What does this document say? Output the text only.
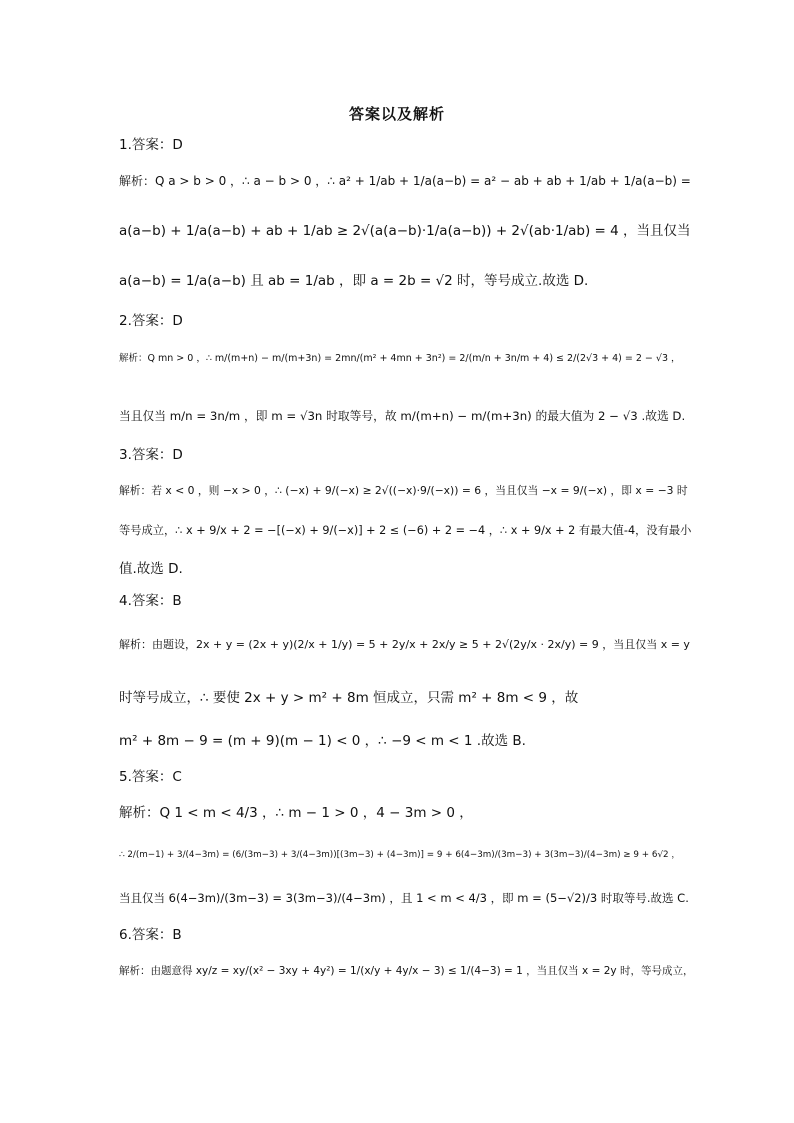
答案以及解析
1.答案：D
解析：Q a > b > 0 ，∴ a − b > 0 ，∴ a² + 1/ab + 1/a(a−b) = a² − ab + ab + 1/ab + 1/a(a−b) =
a(a−b) + 1/a(a−b) + ab + 1/ab ≥ 2√(a(a−b)·1/a(a−b)) + 2√(ab·1/ab) = 4 ，当且仅当
a(a−b) = 1/a(a−b) 且 ab = 1/ab ，即 a = 2b = √2 时，等号成立.故选 D.
2.答案：D
解析：Q mn > 0 ，∴ m/(m+n) − m/(m+3n) = 2mn/(m² + 4mn + 3n²) = 2/(m/n + 3n/m + 4) ≤ 2/(2√3 + 4) = 2 − √3 ，
当且仅当 m/n = 3n/m ，即 m = √3n 时取等号，故 m/(m+n) − m/(m+3n) 的最大值为 2 − √3 .故选 D.
3.答案：D
解析：若 x < 0 ，则 −x > 0 ，∴ (−x) + 9/(−x) ≥ 2√((−x)·9/(−x)) = 6 ，当且仅当 −x = 9/(−x) ，即 x = −3 时
等号成立，∴ x + 9/x + 2 = −[(−x) + 9/(−x)] + 2 ≤ (−6) + 2 = −4 ，∴ x + 9/x + 2 有最大值-4，没有最小
值.故选 D.
4.答案：B
解析：由题设，2x + y = (2x + y)(2/x + 1/y) = 5 + 2y/x + 2x/y ≥ 5 + 2√(2y/x · 2x/y) = 9 ，当且仅当 x = y
时等号成立，∴ 要使 2x + y > m² + 8m 恒成立，只需 m² + 8m < 9 ，故
m² + 8m − 9 = (m + 9)(m − 1) < 0 ，∴ −9 < m < 1 .故选 B.
5.答案：C
解析：Q 1 < m < 4/3 ，∴ m − 1 > 0 ，4 − 3m > 0 ，
∴ 2/(m−1) + 3/(4−3m) = (6/(3m−3) + 3/(4−3m))[(3m−3) + (4−3m)] = 9 + 6(4−3m)/(3m−3) + 3(3m−3)/(4−3m) ≥ 9 + 6√2 ，
当且仅当 6(4−3m)/(3m−3) = 3(3m−3)/(4−3m) ，且 1 < m < 4/3 ，即 m = (5−√2)/3 时取等号.故选 C.
6.答案：B
解析：由题意得 xy/z = xy/(x² − 3xy + 4y²) = 1/(x/y + 4y/x − 3) ≤ 1/(4−3) = 1 ，当且仅当 x = 2y 时，等号成立，
